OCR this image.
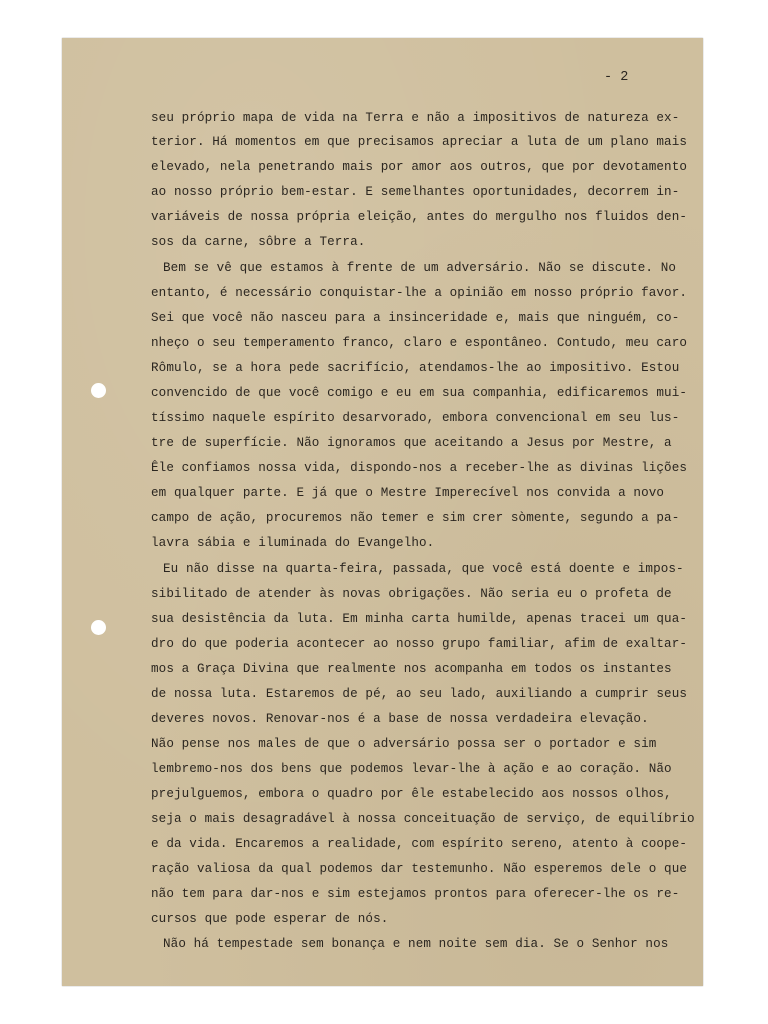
- 2
seu próprio mapa de vida na Terra e não a impositivos de natureza ex-
terior. Há momentos em que precisamos apreciar a luta de um plano mais
elevado, nela penetrando mais por amor aos outros, que por devotamento
ao nosso próprio bem-estar. E semelhantes oportunidades, decorrem in-
variáveis de nossa própria eleição, antes do mergulho nos fluidos den-
sos da carne, sôbre a Terra.
Bem se vê que estamos à frente de um adversário. Não se discute. No
entanto, é necessário conquistar-lhe a opinião em nosso próprio favor.
Sei que você não nasceu para a insinceridade e, mais que ninguém, co-
nheço o seu temperamento franco, claro e espontâneo. Contudo, meu caro
Rômulo, se a hora pede sacrifício, atendamos-lhe ao impositivo. Estou
convencido de que você comigo e eu em sua companhia, edificaremos mui-
tíssimo naquele espírito desarvorado, embora convencional em seu lus-
tre de superfície. Não ignoramos que aceitando a Jesus por Mestre, a
Êle confiamos nossa vida, dispondo-nos a receber-lhe as divinas lições
em qualquer parte. E já que o Mestre Imperecível nos convida a novo
campo de ação, procuremos não temer e sim crer sòmente, segundo a pa-
lavra sábia e iluminada do Evangelho.
Eu não disse na quarta-feira, passada, que você está doente e impos-
sibilitado de atender às novas obrigações. Não seria eu o profeta de
sua desistência da luta. Em minha carta humilde, apenas tracei um qua-
dro do que poderia acontecer ao nosso grupo familiar, afim de exaltar-
mos a Graça Divina que realmente nos acompanha em todos os instantes
de nossa luta. Estaremos de pé, ao seu lado, auxiliando a cumprir seus
deveres novos. Renovar-nos é a base de nossa verdadeira elevação.
Não pense nos males de que o adversário possa ser o portador e sim
lembremo-nos dos bens que podemos levar-lhe à ação e ao coração. Não
prejulguemos, embora o quadro por êle estabelecido aos nossos olhos,
seja o mais desagradável à nossa conceituação de serviço, de equilíbrio
e da vida. Encaremos a realidade, com espírito sereno, atento à coope-
ração valiosa da qual podemos dar testemunho. Não esperemos dele o que
não tem para dar-nos e sim estejamos prontos para oferecer-lhe os re-
cursos que pode esperar de nós.
Não há tempestade sem bonança e nem noite sem dia. Se o Senhor nos
